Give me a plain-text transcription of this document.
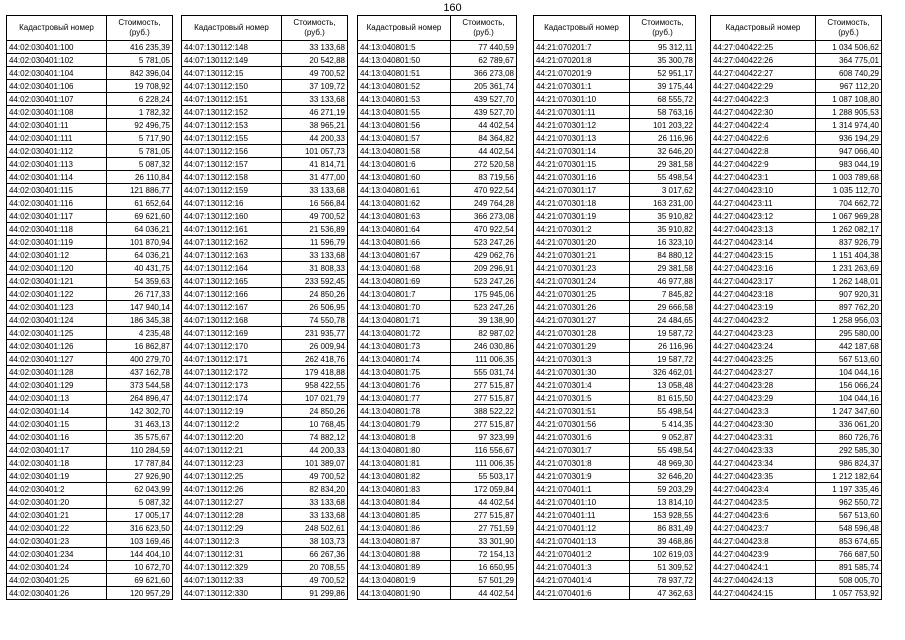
160
Кадастровый номер	Стоимость, (руб.)
44:02:030401:100	416 235,39
44:02:030401:102	5 781,05
44:02:030401:104	842 396,04
44:02:030401:106	19 708,92
44:02:030401:107	6 228,24
44:02:030401:108	1 782,32
44:02:030401:11	92 496,75
44:02:030401:111	5 717,90
44:02:030401:112	5 781,05
44:02:030401:113	5 087,32
44:02:030401:114	26 110,84
44:02:030401:115	121 886,77
44:02:030401:116	61 652,64
44:02:030401:117	69 621,60
44:02:030401:118	64 036,21
44:02:030401:119	101 870,94
44:02:030401:12	64 036,21
44:02:030401:120	40 431,75
44:02:030401:121	54 359,63
44:02:030401:122	26 717,33
44:02:030401:123	147 940,14
44:02:030401:124	186 345,38
44:02:030401:125	4 235,48
44:02:030401:126	16 862,87
44:02:030401:127	400 279,70
44:02:030401:128	437 162,78
44:02:030401:129	373 544,58
44:02:030401:13	264 896,47
44:02:030401:14	142 302,70
44:02:030401:15	31 463,13
44:02:030401:16	35 575,67
44:02:030401:17	110 284,59
44:02:030401:18	17 787,84
44:02:030401:19	27 926,90
44:02:030401:2	62 043,99
44:02:030401:20	5 087,32
44:02:030401:21	17 005,17
44:02:030401:22	316 623,50
44:02:030401:23	103 169,46
44:02:030401:234	144 404,10
44:02:030401:24	10 672,70
44:02:030401:25	69 621,60
44:02:030401:26	120 957,29
Кадастровый номер	Стоимость, (руб.)
44:07:130112:148	33 133,68
44:07:130112:149	20 542,88
44:07:130112:15	49 700,52
44:07:130112:150	37 109,72
44:07:130112:151	33 133,68
44:07:130112:152	46 271,19
44:07:130112:153	38 965,21
44:07:130112:155	44 200,33
44:07:130112:156	101 057,73
44:07:130112:157	41 814,71
44:07:130112:158	31 477,00
44:07:130112:159	33 133,68
44:07:130112:16	16 566,84
44:07:130112:160	49 700,52
44:07:130112:161	21 536,89
44:07:130112:162	11 596,79
44:07:130112:163	33 133,68
44:07:130112:164	31 808,33
44:07:130112:165	233 592,45
44:07:130112:166	24 850,26
44:07:130112:167	26 506,95
44:07:130112:168	74 550,78
44:07:130112:169	231 935,77
44:07:130112:170	26 009,94
44:07:130112:171	262 418,76
44:07:130112:172	179 418,88
44:07:130112:173	958 422,55
44:07:130112:174	107 021,79
44:07:130112:19	24 850,26
44:07:130112:2	10 768,45
44:07:130112:20	74 882,12
44:07:130112:21	44 200,33
44:07:130112:23	101 389,07
44:07:130112:25	49 700,52
44:07:130112:26	82 834,20
44:07:130112:27	33 133,68
44:07:130112:28	33 133,68
44:07:130112:29	248 502,61
44:07:130112:3	38 103,73
44:07:130112:31	66 267,36
44:07:130112:329	20 708,55
44:07:130112:33	49 700,52
44:07:130112:330	91 299,86
Кадастровый номер	Стоимость, (руб.)
44:13:040801:5	77 440,59
44:13:040801:50	62 789,67
44:13:040801:51	366 273,08
44:13:040801:52	205 361,74
44:13:040801:53	439 527,70
44:13:040801:55	439 527,70
44:13:040801:56	44 402,54
44:13:040801:57	84 364,82
44:13:040801:58	44 402,54
44:13:040801:6	272 520,58
44:13:040801:60	83 719,56
44:13:040801:61	470 922,54
44:13:040801:62	249 764,28
44:13:040801:63	366 273,08
44:13:040801:64	470 922,54
44:13:040801:66	523 247,26
44:13:040801:67	429 062,76
44:13:040801:68	209 296,91
44:13:040801:69	523 247,26
44:13:040801:7	175 945,06
44:13:040801:70	523 247,26
44:13:040801:71	39 138,90
44:13:040801:72	82 987,02
44:13:040801:73	246 030,86
44:13:040801:74	111 006,35
44:13:040801:75	555 031,74
44:13:040801:76	277 515,87
44:13:040801:77	277 515,87
44:13:040801:78	388 522,22
44:13:040801:79	277 515,87
44:13:040801:8	97 323,99
44:13:040801:80	116 556,67
44:13:040801:81	111 006,35
44:13:040801:82	55 503,17
44:13:040801:83	172 059,84
44:13:040801:84	44 402,54
44:13:040801:85	277 515,87
44:13:040801:86	27 751,59
44:13:040801:87	33 301,90
44:13:040801:88	72 154,13
44:13:040801:89	16 650,95
44:13:040801:9	57 501,29
44:13:040801:90	44 402,54
Кадастровый номер	Стоимость, (руб.)
44:21:070201:7	95 312,11
44:21:070201:8	35 300,78
44:21:070201:9	52 951,17
44:21:070301:1	39 175,44
44:21:070301:10	68 555,72
44:21:070301:11	58 763,16
44:21:070301:12	101 203,22
44:21:070301:13	26 116,96
44:21:070301:14	32 646,20
44:21:070301:15	29 381,58
44:21:070301:16	55 498,54
44:21:070301:17	3 017,62
44:21:070301:18	163 231,00
44:21:070301:19	35 910,82
44:21:070301:2	35 910,82
44:21:070301:20	16 323,10
44:21:070301:21	84 880,12
44:21:070301:23	29 381,58
44:21:070301:24	46 977,88
44:21:070301:25	7 845,82
44:21:070301:26	29 666,58
44:21:070301:27	24 484,65
44:21:070301:28	19 587,72
44:21:070301:29	26 116,96
44:21:070301:3	19 587,72
44:21:070301:30	326 462,01
44:21:070301:4	13 058,48
44:21:070301:5	81 615,50
44:21:070301:51	55 498,54
44:21:070301:56	5 414,35
44:21:070301:6	9 052,87
44:21:070301:7	55 498,54
44:21:070301:8	48 969,30
44:21:070301:9	32 646,20
44:21:070401:1	59 203,29
44:21:070401:10	13 814,10
44:21:070401:11	153 928,55
44:21:070401:12	86 831,49
44:21:070401:13	39 468,86
44:21:070401:2	102 619,03
44:21:070401:3	51 309,52
44:21:070401:4	78 937,72
44:21:070401:6	47 362,63
Кадастровый номер	Стоимость, (руб.)
44:27:040422:25	1 034 506,62
44:27:040422:26	364 775,01
44:27:040422:27	608 740,29
44:27:040422:29	967 112,20
44:27:040422:3	1 087 108,80
44:27:040422:30	1 288 905,53
44:27:040422:4	1 314 974,40
44:27:040422:6	936 194,29
44:27:040422:8	947 066,40
44:27:040422:9	983 044,19
44:27:040423:1	1 003 789,68
44:27:040423:10	1 035 112,70
44:27:040423:11	704 662,72
44:27:040423:12	1 067 969,28
44:27:040423:13	1 262 082,17
44:27:040423:14	837 926,79
44:27:040423:15	1 151 404,38
44:27:040423:16	1 231 263,69
44:27:040423:17	1 262 148,01
44:27:040423:18	907 920,31
44:27:040423:19	897 762,20
44:27:040423:2	1 258 956,03
44:27:040423:23	295 580,00
44:27:040423:24	442 187,68
44:27:040423:25	567 513,60
44:27:040423:27	104 044,16
44:27:040423:28	156 066,24
44:27:040423:29	104 044,16
44:27:040423:3	1 247 347,60
44:27:040423:30	336 061,20
44:27:040423:31	860 726,76
44:27:040423:33	292 585,30
44:27:040423:34	986 824,37
44:27:040423:35	1 212 182,64
44:27:040423:4	1 197 335,46
44:27:040423:5	962 550,72
44:27:040423:6	567 513,60
44:27:040423:7	548 596,48
44:27:040423:8	853 674,65
44:27:040423:9	766 687,50
44:27:040424:1	891 585,74
44:27:040424:13	508 005,70
44:27:040424:15	1 057 753,92
